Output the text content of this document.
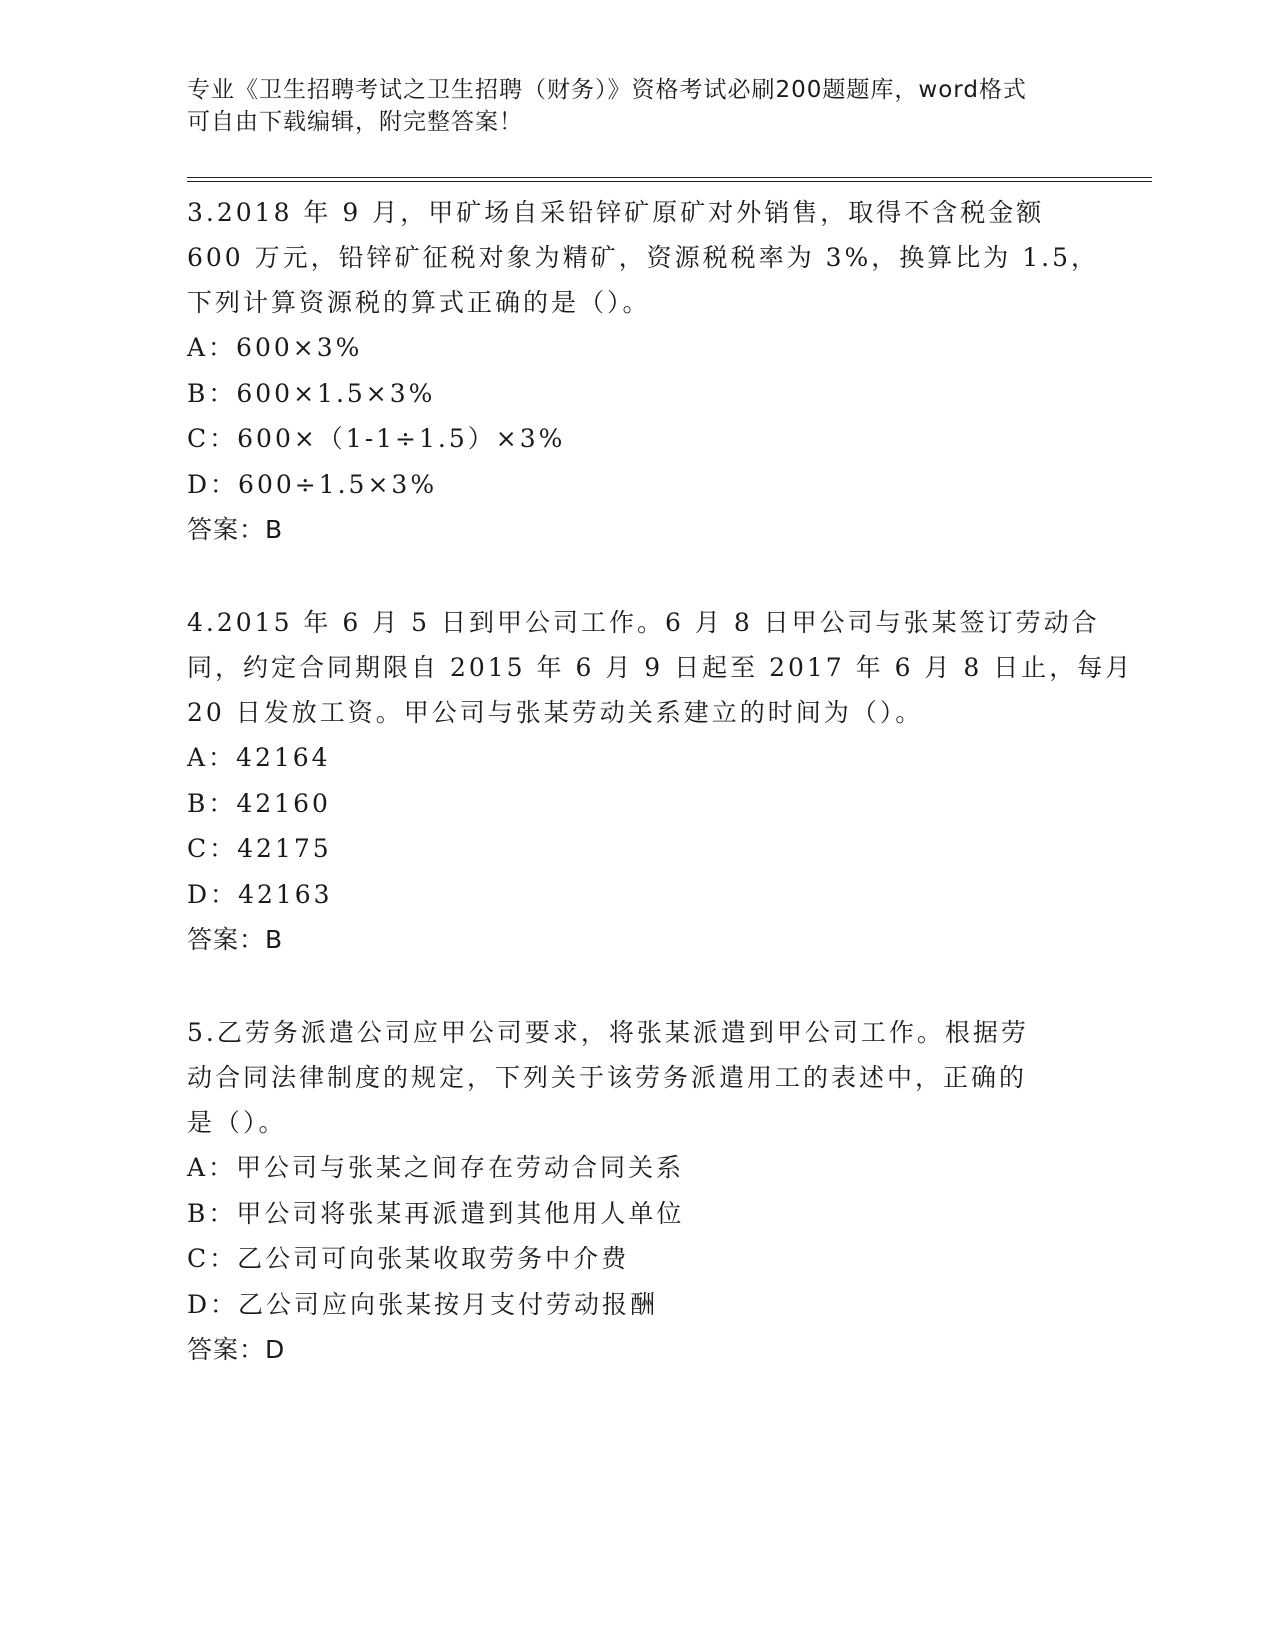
专业《卫生招聘考试之卫生招聘（财务）》资格考试必刷200题题库，word格式
可自由下载编辑，附完整答案！
3.2018 年 9 月，甲矿场自采铅锌矿原矿对外销售，取得不含税金额
600 万元，铅锌矿征税对象为精矿，资源税税率为 3%，换算比为 1.5，
下列计算资源税的算式正确的是（）。
A：600×3%
B：600×1.5×3%
C：600×（1-1÷1.5）×3%
D：600÷1.5×3%
答案：B
4.2015 年 6 月 5 日到甲公司工作。6 月 8 日甲公司与张某签订劳动合
同，约定合同期限自 2015 年 6 月 9 日起至 2017 年 6 月 8 日止，每月
20 日发放工资。甲公司与张某劳动关系建立的时间为（）。
A：42164
B：42160
C：42175
D：42163
答案：B
5.乙劳务派遣公司应甲公司要求，将张某派遣到甲公司工作。根据劳
动合同法律制度的规定，下列关于该劳务派遣用工的表述中，正确的
是（）。
A：甲公司与张某之间存在劳动合同关系
B：甲公司将张某再派遣到其他用人单位
C：乙公司可向张某收取劳务中介费
D：乙公司应向张某按月支付劳动报酬
答案：D
